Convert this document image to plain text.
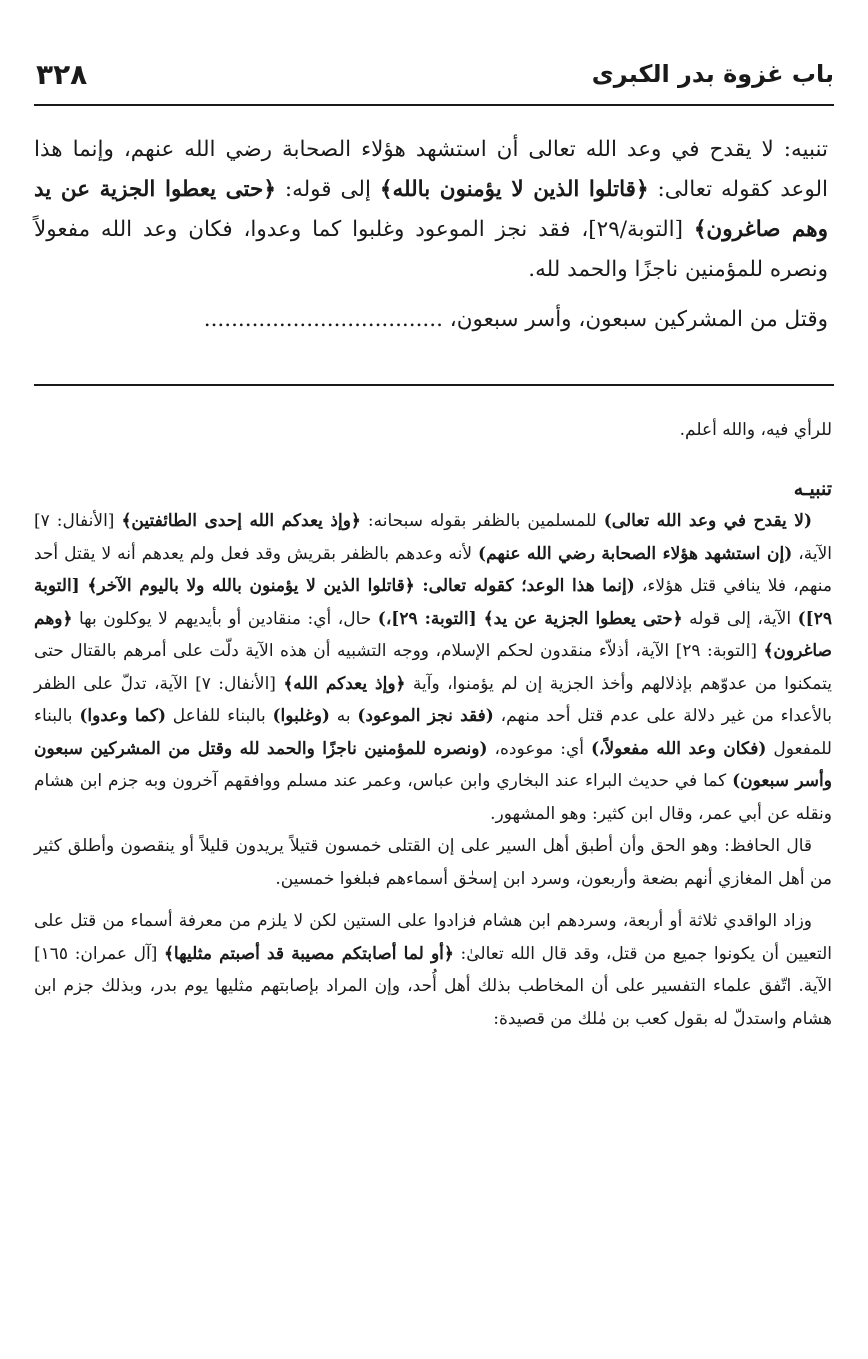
باب غزوة بدر الكبرى
٣٢٨

تنبيه: لا يقدح في وعد الله تعالى أن استشهد هؤلاء الصحابة رضي الله عنهم، وإنما هذا الوعد كقوله تعالى: ﴿قاتلوا الذين لا يؤمنون بالله﴾ إلى قوله: ﴿حتى يعطوا الجزية عن يد وهم صاغرون﴾ [التوبة/٢٩]، فقد نجز الموعود وغلبوا كما وعدوا، فكان وعد الله مفعولاً ونصره للمؤمنين ناجزًا والحمد لله.

وقتل من المشركين سبعون، وأسر سبعون، ...................................

للرأي فيه، والله أعلم.

تنبيـه

(لا يقدح في وعد الله تعالى) للمسلمين بالظفر بقوله سبحانه: ﴿وإذ يعدكم الله إحدى الطائفتين﴾ [الأنفال: ٧] الآية، (إن استشهد هؤلاء الصحابة رضي الله عنهم) لأنه وعدهم بالظفر بقريش وقد فعل ولم يعدهم أنه لا يقتل أحد منهم، فلا ينافي قتل هؤلاء، (إنما هذا الوعد؛ كقوله تعالى: ﴿قاتلوا الذين لا يؤمنون بالله ولا باليوم الآخر﴾ [التوبة ٢٩]) الآية، إلى قوله ﴿حتى يعطوا الجزية عن يد﴾ [التوبة: ٢٩]،) حال، أي: منقادين أو بأيديهم لا يوكلون بها ﴿وهم صاغرون﴾ [التوبة: ٢٩] الآية، أذلاّء منقدون لحكم الإسلام، ووجه التشبيه أن هذه الآية دلّت على أمرهم بالقتال حتى يتمكنوا من عدوّهم بإذلالهم وأخذ الجزية إن لم يؤمنوا، وآية ﴿وإذ يعدكم الله﴾ [الأنفال: ٧] الآية، تدلّ على الظفر بالأعداء من غير دلالة على عدم قتل أحد منهم، (فقد نجز الموعود) به (وغلبوا) بالبناء للفاعل (كما وعدوا) بالبناء للمفعول (فكان وعد الله مفعولاً،) أي: موعوده، (ونصره للمؤمنين ناجزًا والحمد لله وقتل من المشركين سبعون وأسر سبعون) كما في حديث البراء عند البخاري وابن عباس، وعمر عند مسلم ووافقهم آخرون وبه جزم ابن هشام ونقله عن أبي عمر، وقال ابن كثير: وهو المشهور.

قال الحافظ: وهو الحق وأن أطبق أهل السير على إن القتلى خمسون قتيلاً يريدون قليلاً أو ينقصون وأطلق كثير من أهل المغازي أنهم بضعة وأربعون، وسرد ابن إسحٰق أسماءهم فبلغوا خمسين.

وزاد الواقدي ثلاثة أو أربعة، وسردهم ابن هشام فزادوا على الستين لكن لا يلزم من معرفة أسماء من قتل على التعيين أن يكونوا جميع من قتل، وقد قال الله تعالىٰ: ﴿أو لما أصابتكم مصيبة قد أصبتم مثليها﴾ [آل عمران: ١٦٥] الآية. اتّفق علماء التفسير على أن المخاطب بذلك أهل أُحد، وإن المراد بإصابتهم مثليها يوم بدر، وبذلك جزم ابن هشام واستدلّ له بقول كعب بن مٰلك من قصيدة:
